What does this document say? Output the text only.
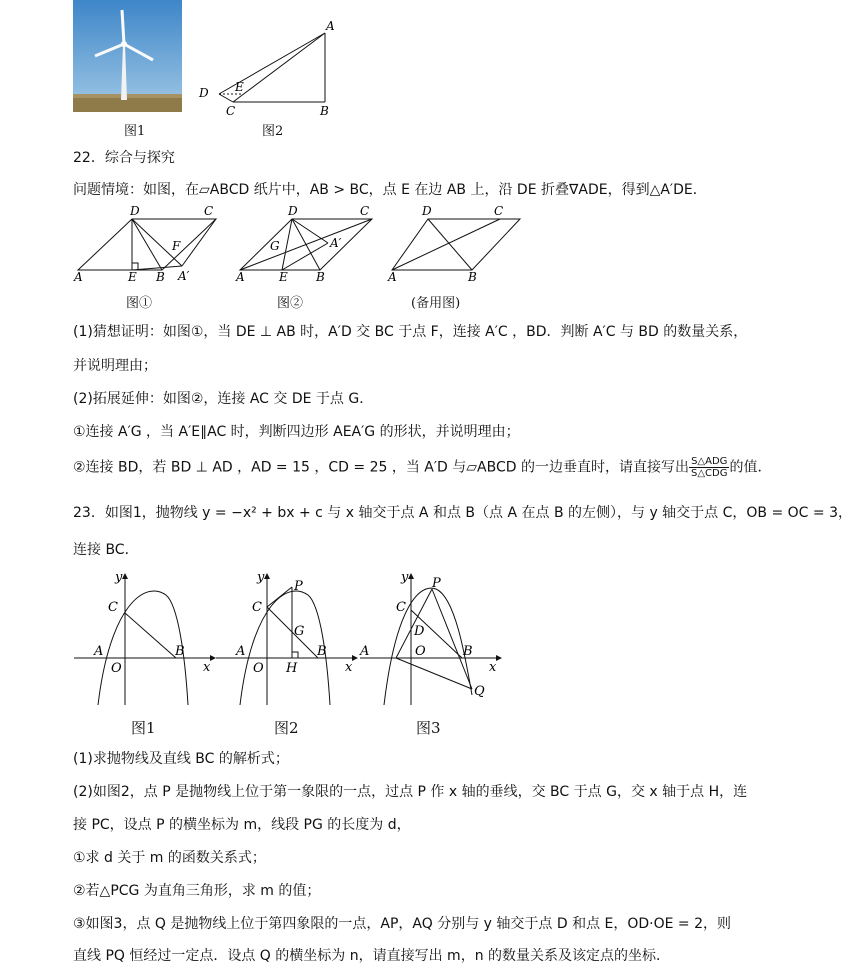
图1
A
B
C
D E
图2
22．综合与探究
问题情境：如图，在▱ABCD 纸片中，AB > BC，点 E 在边 AB 上，沿 DE 折叠∇ADE，得到△A′DE．
A	E B A′
D	C
F
A	E B
D	C
G	A′
A	B
D	C
图①	图②	(备用图)
(1)猜想证明：如图①，当 DE ⊥ AB 时，A′D 交 BC 于点 F，连接 A′C ，BD．判断 A′C 与 BD 的数量关系，
并说明理由；
(2)拓展延伸：如图②，连接 AC 交 DE 于点 G．
①连接 A′G ，当 A′E∥AC 时，判断四边形 AEA′G 的形状，并说明理由；
②连接 BD，若 BD ⊥ AD ，AD = 15 ，CD = 25 ，当 A′D 与▱ABCD 的一边垂直时，请直接写出 $\frac{\text{S△ADG}}{\text{S△CDG}}$ 的值．
23．如图1，抛物线 y = −x² + bx + c 与 x 轴交于点 A 和点 B（点 A 在点 B 的左侧），与 y 轴交于点 C，OB = OC = 3，
连接 BC．
y
x
C
A
O
B
y
x
C
A
O
B
P
G
H
y
x
C
D
A	O	B
P
Q
图1	图2	图3
(1)求抛物线及直线 BC 的解析式；
(2)如图2，点 P 是抛物线上位于第一象限的一点，过点 P 作 x 轴的垂线，交 BC 于点 G，交 x 轴于点 H，连
接 PC，设点 P 的横坐标为 m，线段 PG 的长度为 d，
①求 d 关于 m 的函数关系式；
②若△PCG 为直角三角形，求 m 的值；
③如图3，点 Q 是抛物线上位于第四象限的一点，AP，AQ 分别与 y 轴交于点 D 和点 E，OD·OE = 2，则
直线 PQ 恒经过一定点．设点 Q 的横坐标为 n，请直接写出 m，n 的数量关系及该定点的坐标．
